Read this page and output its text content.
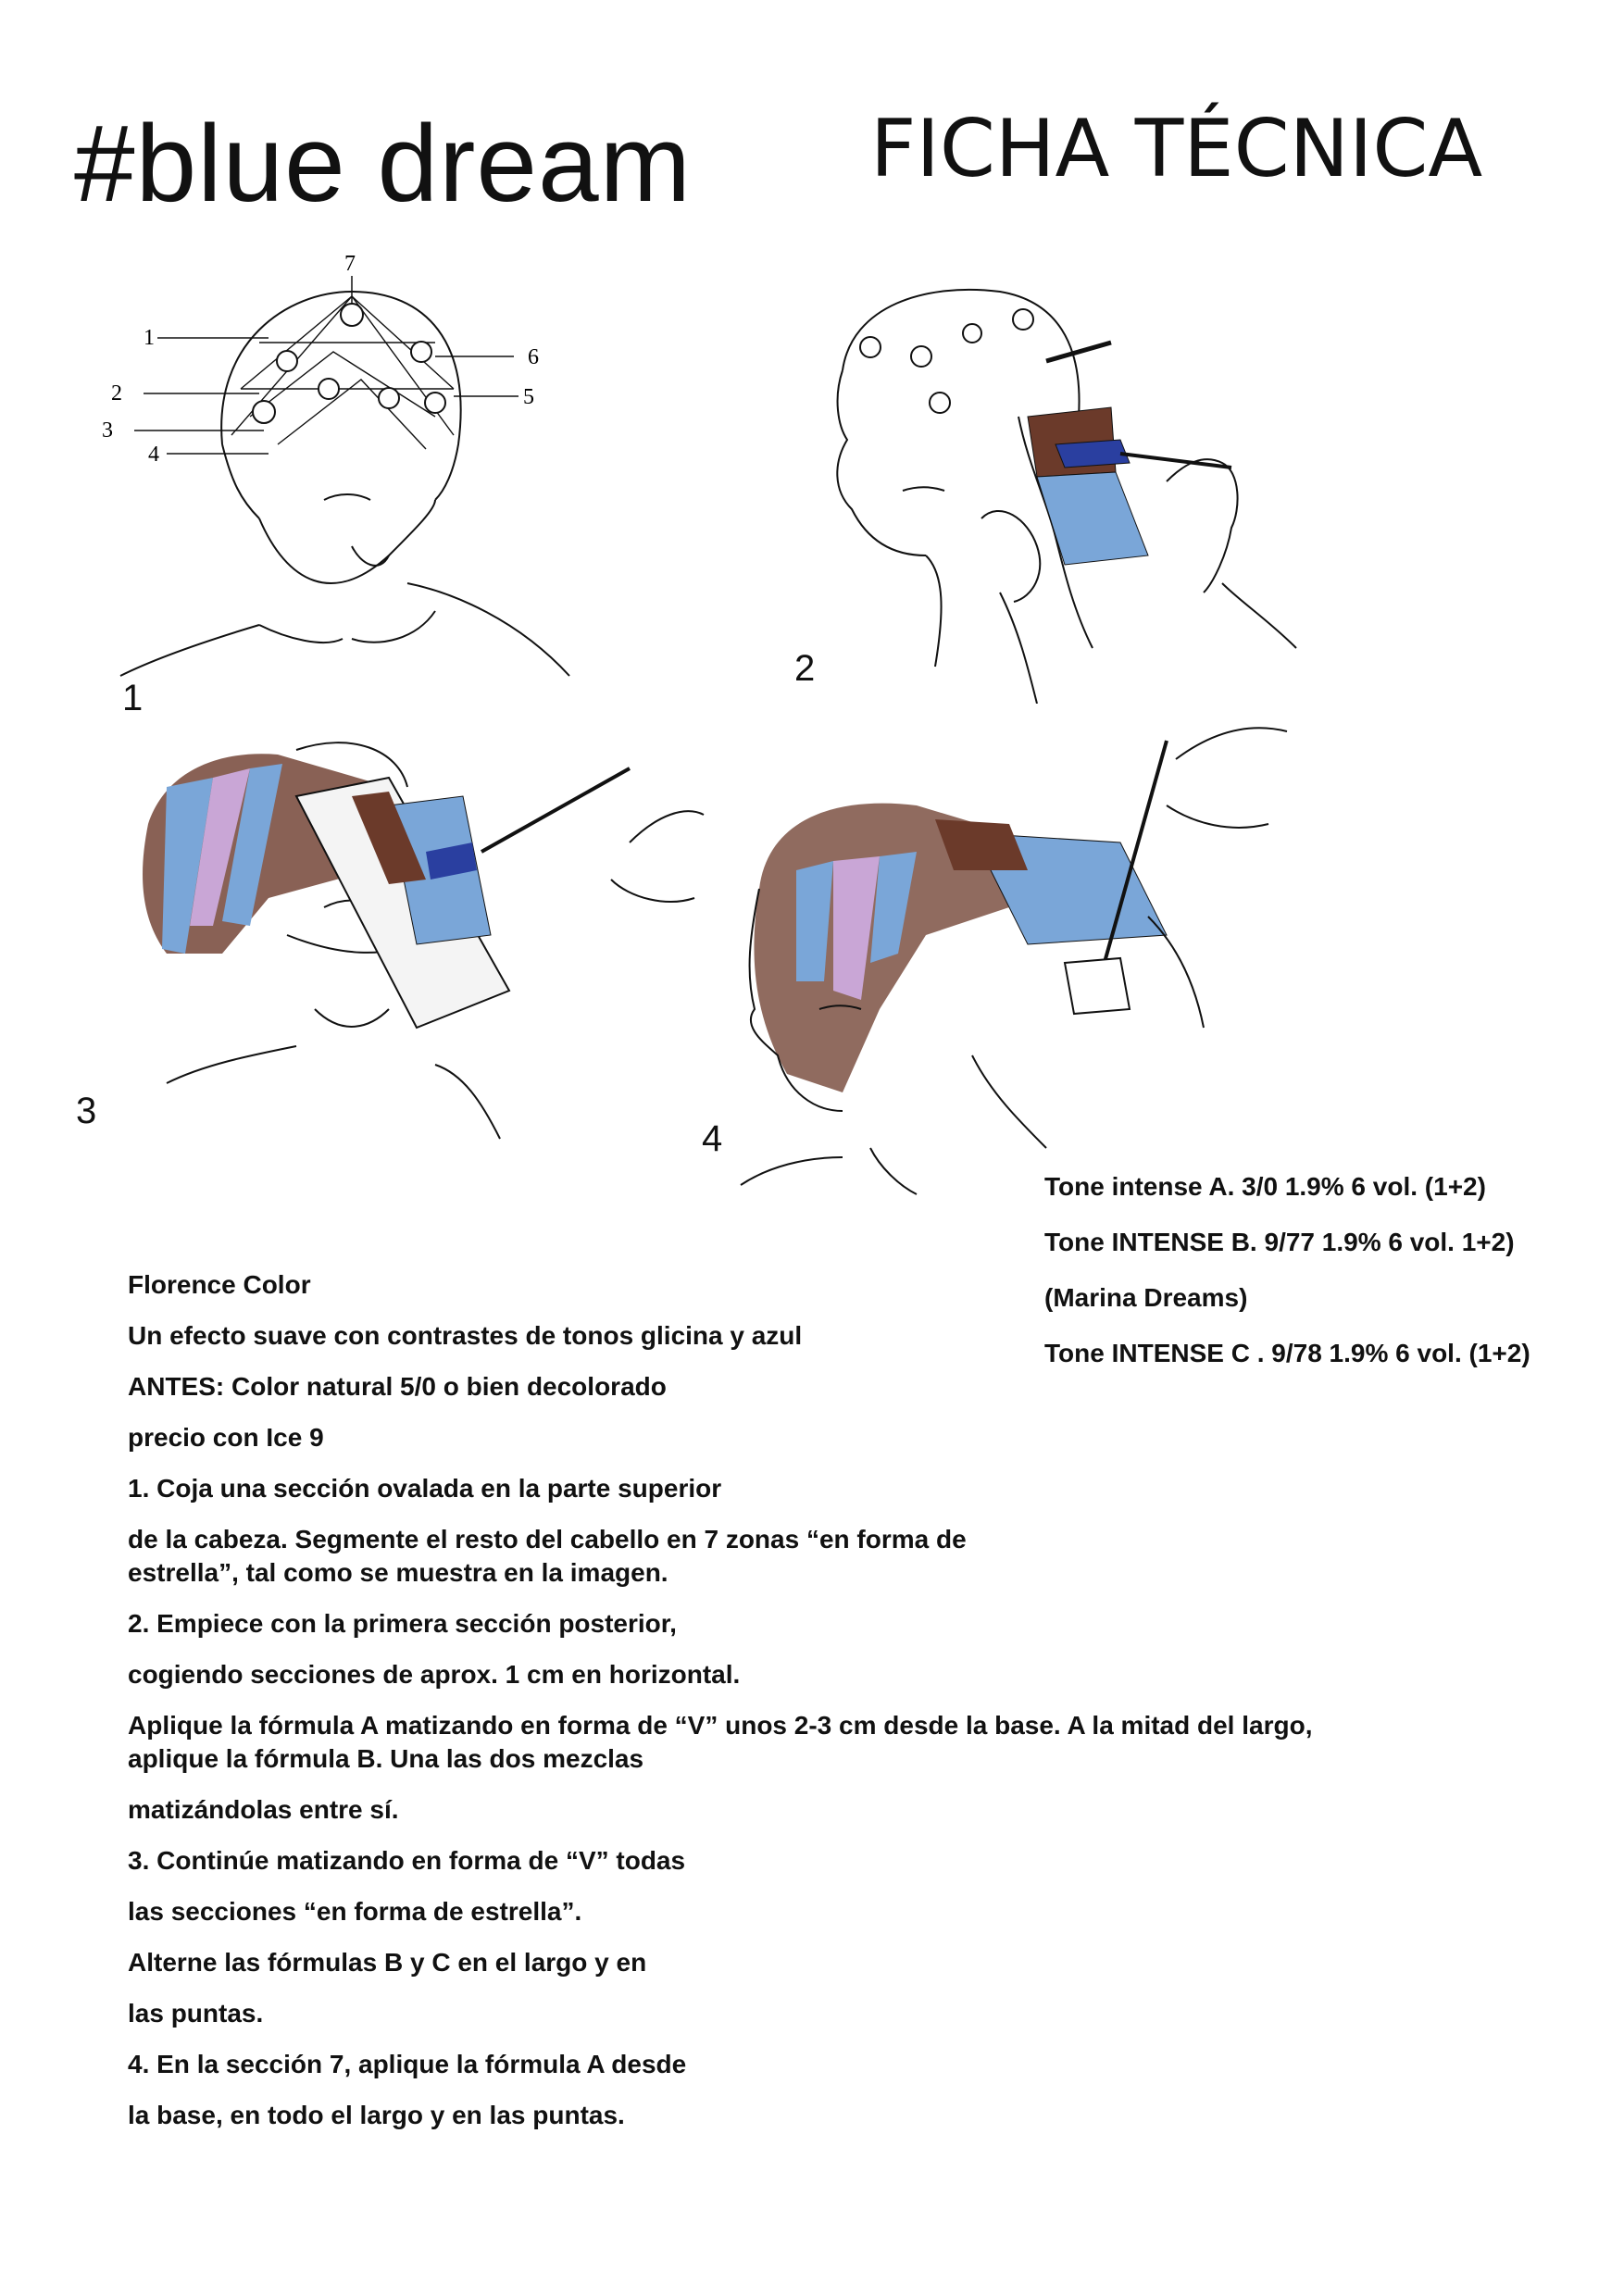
#blue dream FICHA TÉCNICA
1
2
3
4
5
6
7
1
2
3
4
Tone intense A. 3/0 1.9% 6 vol. (1+2)
Tone INTENSE B. 9/77 1.9% 6 vol. 1+2)
(Marina Dreams)
Tone INTENSE C . 9/78 1.9% 6 vol. (1+2)
Florence Color
Un efecto suave con contrastes de tonos glicina y azul
ANTES: Color natural 5/0 o bien decolorado
precio con Ice 9
1. Coja una sección ovalada en la parte superior
de la cabeza. Segmente el resto del cabello en 7 zonas “en forma de estrella”, tal como se muestra en la imagen.
2. Empiece con la primera sección posterior,
cogiendo secciones de aprox. 1 cm en horizontal.
Aplique la fórmula A matizando en forma de “V” unos 2-3 cm desde la base. A la mitad del largo, aplique la fórmula B. Una las dos mezclas
matizándolas entre sí.
3. Continúe matizando en forma de “V” todas
las secciones “en forma de estrella”.
Alterne las fórmulas B y C en el largo y en
las puntas.
4. En la sección 7, aplique la fórmula A desde
la base, en todo el largo y en las puntas.
